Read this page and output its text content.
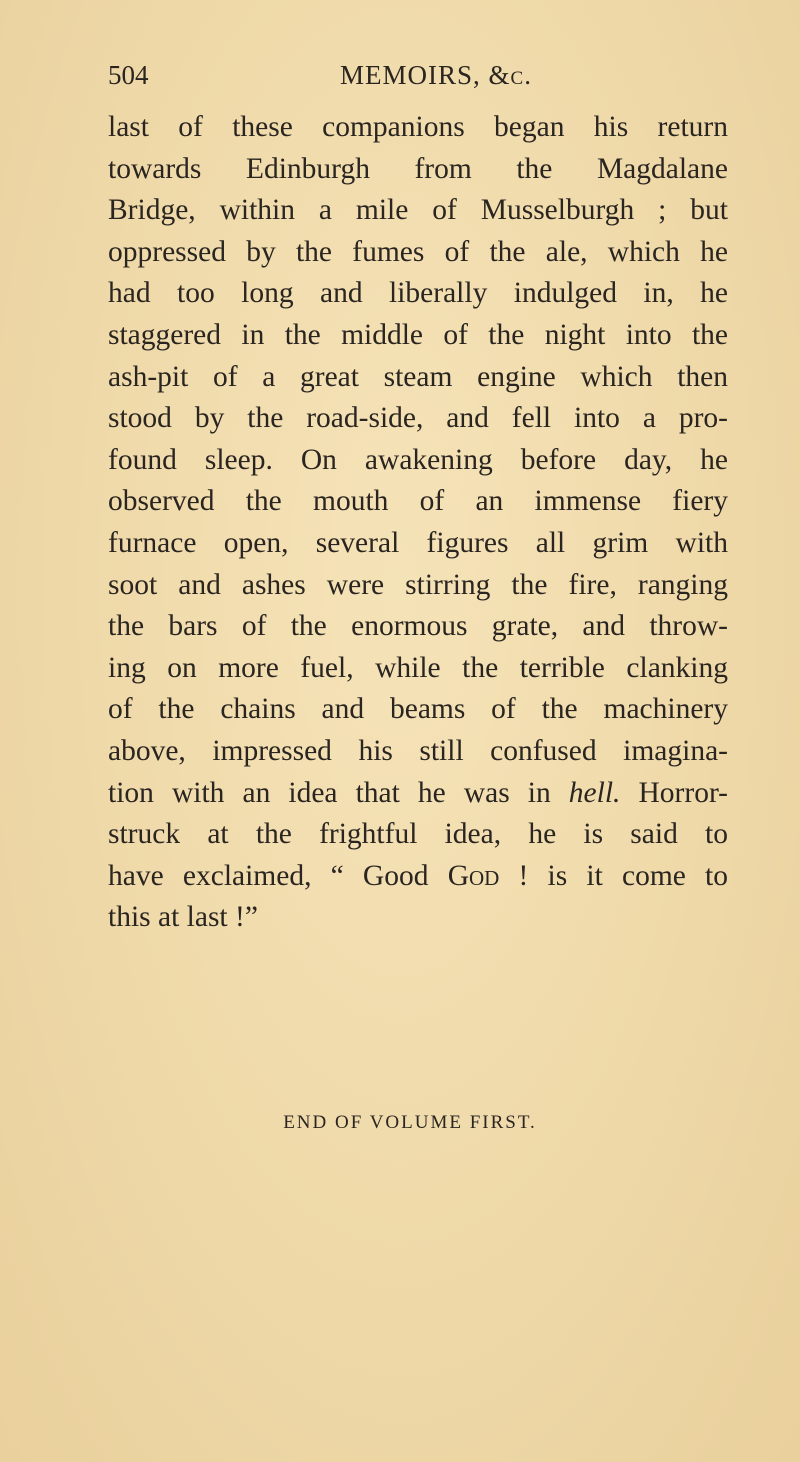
504	MEMOIRS, &c.
last of these companions began his return
towards Edinburgh from the Magdalane
Bridge, within a mile of Musselburgh ; but
oppressed by the fumes of the ale, which he
had too long and liberally indulged in, he
staggered in the middle of the night into the
ash-pit of a great steam engine which then
stood by the road-side, and fell into a pro-
found sleep. On awakening before day, he
observed the mouth of an immense fiery
furnace open, several figures all grim with
soot and ashes were stirring the fire, ranging
the bars of the enormous grate, and throw-
ing on more fuel, while the terrible clanking
of the chains and beams of the machinery
above, impressed his still confused imagina-
tion with an idea that he was in hell. Horror-
struck at the frightful idea, he is said to
have exclaimed, “ Good God ! is it come to
this at last !”
END OF VOLUME FIRST.
